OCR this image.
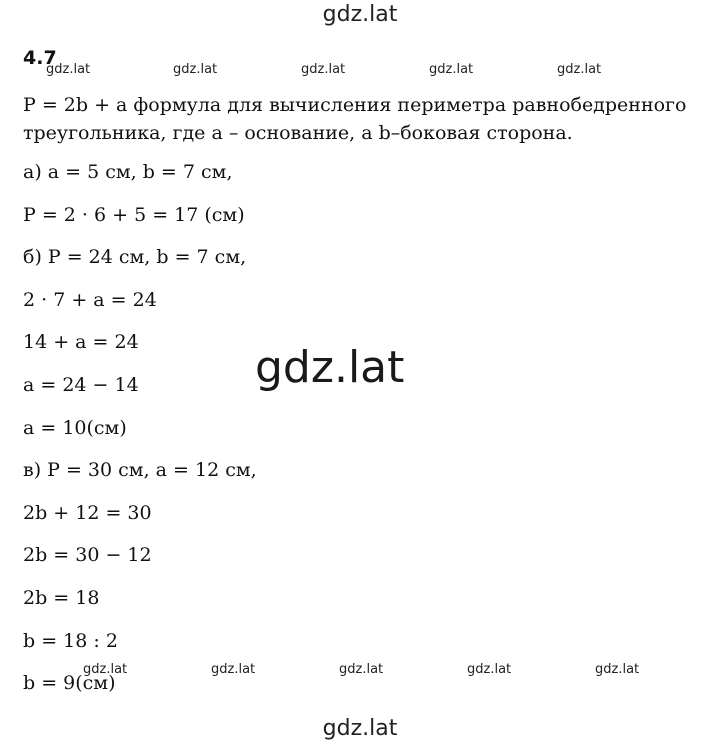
gdz.lat
4.7
gdz.lat	gdz.lat	gdz.lat	gdz.lat	gdz.lat
P = 2b + a формула для вычисления периметра равнобедренного
треугольника, где a – основание, а b–боковая сторона.
а) a = 5 см, b = 7 см,
P = 2 · 6 + 5 = 17 (см)
б) P = 24 см, b = 7 см,
2 · 7 + a = 24
14 + a = 24
a = 24 − 14
a = 10(см)
в) P = 30 см, a = 12 см,
2b + 12 = 30
2b = 30 − 12
2b = 18
b = 18 : 2
b = 9(см)
gdz.lat
gdz.lat	gdz.lat	gdz.lat	gdz.lat	gdz.lat
gdz.lat
